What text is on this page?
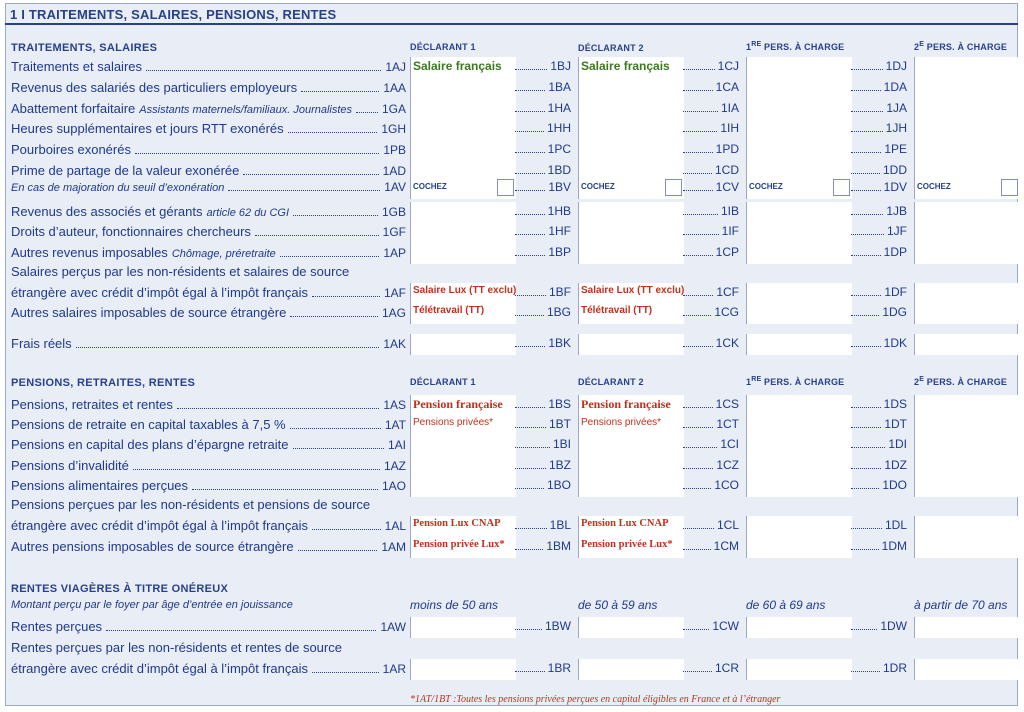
1 I TRAITEMENTS, SALAIRES, PENSIONS, RENTES
TRAITEMENTS, SALAIRES	DÉCLARANT 1	DÉCLARANT 2	1RE PERS. À CHARGE	$2^E$ PERS. À CHARGE
Traitements et salaires	1AJ Salaire français	1BJ Salaire français	1CJ	1DJ
Revenus des salariés des particuliers employeurs	1AA	1BA	1CA	1DA
Abattement forfaitaire Assistants maternels/familiaux. Journalistes 1GA	1HA	1IA	1JA
Heures supplémentaires et jours RTT exonérés	1GH	1HH	1IH	1JH
Pourboires exonérés	1PB	1PC	1PD	1PE
Prime de partage de la valeur exonérée	1AD	1BD	1CD	1DD
En cas de majoration du seuil d’exonération	1AV COCHEZ	1BV COCHEZ	1CV COCHEZ	1DV COCHEZ
Revenus des associés et gérants article 62 du CGI	1GB	1HB	1IB	1JB
Droits d’auteur, fonctionnaires chercheurs	1GF	1HF	1IF	1JF
Autres revenus imposables Chômage, préretraite	1AP	1BP	1CP	1DP
Salaires perçus par les non-résidents et salaires de source
étrangère avec crédit d’impôt égal à l’impôt français	1AF Salaire Lux (TT exclu)	1BF Salaire Lux (TT exclu)	1CF	1DF
Autres salaires imposables de source étrangère	1AG Télétravail (TT)	1BG Télétravail (TT)	1CG	1DG
Frais réels	1AK	1BK	1CK	1DK
PENSIONS, RETRAITES, RENTES	DÉCLARANT 1	DÉCLARANT 2	1RE PERS. À CHARGE	$2^E$ PERS. À CHARGE
Pensions, retraites et rentes	1AS Pension française	1BS Pension française	1CS	1DS
Pensions de retraite en capital taxables à 7,5 %	1AT Pensions privées*	1BT Pensions privées*	1CT	1DT
Pensions en capital des plans d’épargne retraite	1AI	1BI	1CI	1DI
Pensions d’invalidité	1AZ	1BZ	1CZ	1DZ
Pensions alimentaires perçues	1AO	1BO	1CO	1DO
Pensions perçues par les non-résidents et pensions de source
étrangère avec crédit d’impôt égal à l’impôt français	1AL Pension Lux CNAP	1BL Pension Lux CNAP	1CL	1DL
Autres pensions imposables de source étrangère	1AM Pension privée Lux*	1BM Pension privée Lux*	1CM	1DM
RENTES VIAGÈRES À TITRE ONÉREUX
Montant perçu par le foyer par âge d’entrée en jouissance	moins de 50 ans	de 50 à 59 ans	de 60 à 69 ans	à partir de 70 ans
Rentes perçues	1AW	1BW	1CW	1DW
Rentes perçues par les non-résidents et rentes de source
étrangère avec crédit d’impôt égal à l’impôt français	1AR	1BR	1CR	1DR
*1AT/1BT :Toutes les pensions privées perçues en capital éligibles en France et à l’étranger
